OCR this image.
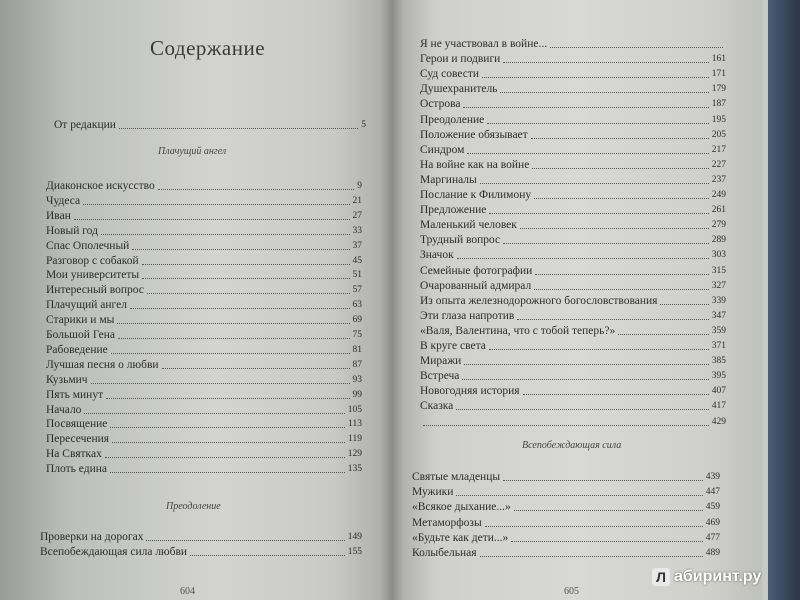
Содержание
От редакции	5
Плачущий ангел
Диаконское искусство	9
Чудеса	21
Иван	27
Новый год	33
Спас Ополечный	37
Разговор с собакой	45
Мои университеты	51
Интересный вопрос	57
Плачущий ангел	63
Старики и мы	69
Большой Гена	75
Рабоведение	81
Лучшая песня о любви	87
Кузьмич	93
Пять минут	99
Начало	105
Посвящение	113
Пересечения	119
На Святках	129
Плоть едина	135
Преодоление
Проверки на дорогах	149
Всепобеждающая сила любви	155
604
Я не участвовал в войне...
Герои и подвиги	161
Суд совести	171
Душехранитель	179
Острова	187
Преодоление	195
Положение обязывает	205
Синдром	217
На войне как на войне	227
Маргиналы	237
Послание к Филимону	249
Предложение	261
Маленький человек	279
Трудный вопрос	289
Значок	303
Семейные фотографии	315
Очарованный адмирал	327
Из опыта железнодорожного богословствования	339
Эти глаза напротив	347
«Валя, Валентина, что с тобой теперь?»	359
В круге света	371
Миражи	385
Встреча	395
Новогодняя история	407
Сказка	417
429
Всепобеждающая сила
Святые младенцы	439
Мужики	447
«Всякое дыхание...»	459
Метаморфозы	469
«Будьте как дети...»	477
Колыбельная	489
605
Л абиринт.ру
